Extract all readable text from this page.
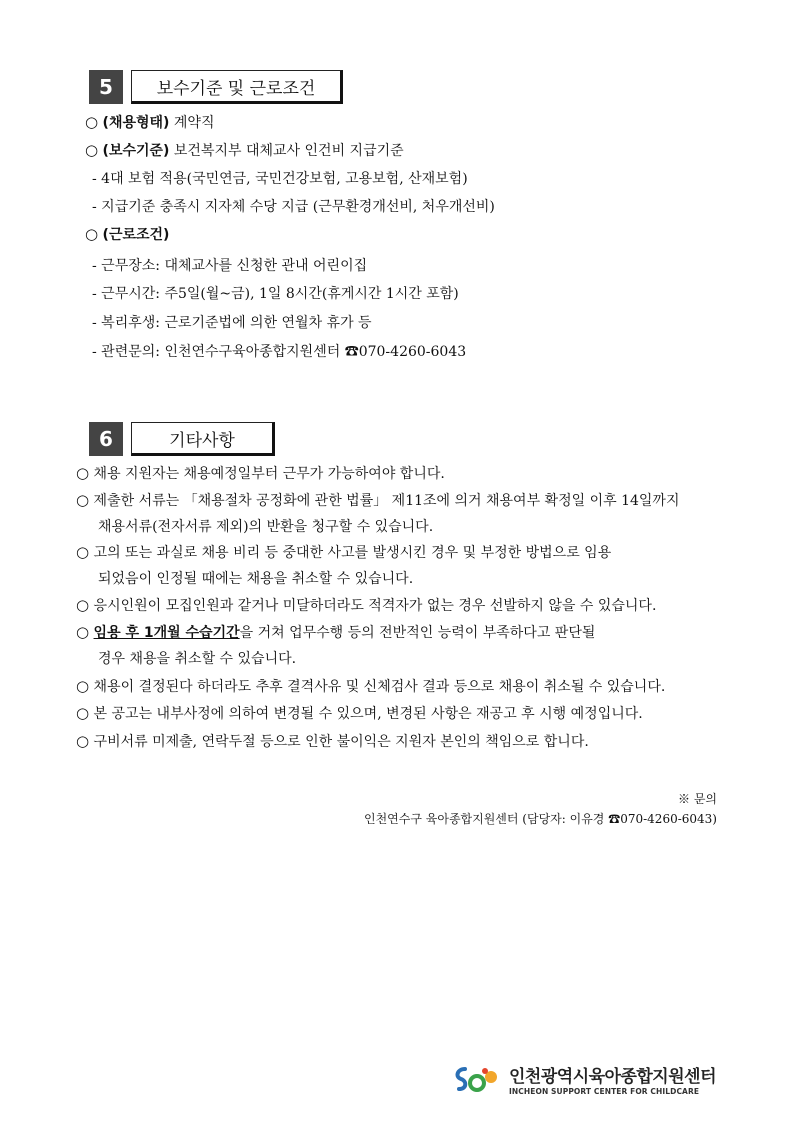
5	보수기준 및 근로조건
○ (채용형태) 계약직
○ (보수기준) 보건복지부 대체교사 인건비 지급기준
- 4대 보험 적용(국민연금, 국민건강보험, 고용보험, 산재보험)
- 지급기준 충족시 지자체 수당 지급 (근무환경개선비, 처우개선비)
○ (근로조건)
- 근무장소: 대체교사를 신청한 관내 어린이집
- 근무시간: 주5일(월~금), 1일 8시간(휴게시간 1시간 포함)
- 복리후생: 근로기준법에 의한 연월차 휴가 등
- 관련문의: 인천연수구육아종합지원센터 ☎070-4260-6043
6	기타사항
○ 채용 지원자는 채용예정일부터 근무가 가능하여야 합니다.
○ 제출한 서류는 「채용절차 공정화에 관한 법률」 제11조에 의거 채용여부 확정일 이후 14일까지
채용서류(전자서류 제외)의 반환을 청구할 수 있습니다.
○ 고의 또는 과실로 채용 비리 등 중대한 사고를 발생시킨 경우 및 부정한 방법으로 임용
되었음이 인정될 때에는 채용을 취소할 수 있습니다.
○ 응시인원이 모집인원과 같거나 미달하더라도 적격자가 없는 경우 선발하지 않을 수 있습니다.
○ 임용 후 1개월 수습기간을 거쳐 업무수행 등의 전반적인 능력이 부족하다고 판단될
경우 채용을 취소할 수 있습니다.
○ 채용이 결정된다 하더라도 추후 결격사유 및 신체검사 결과 등으로 채용이 취소될 수 있습니다.
○ 본 공고는 내부사정에 의하여 변경될 수 있으며, 변경된 사항은 재공고 후 시행 예정입니다.
○ 구비서류 미제출, 연락두절 등으로 인한 불이익은 지원자 본인의 책임으로 합니다.
※ 문의
인천연수구 육아종합지원센터 (담당자: 이유경 ☎070-4260-6043)
인천광역시육아종합지원센터
INCHEON SUPPORT CENTER FOR CHILDCARE
